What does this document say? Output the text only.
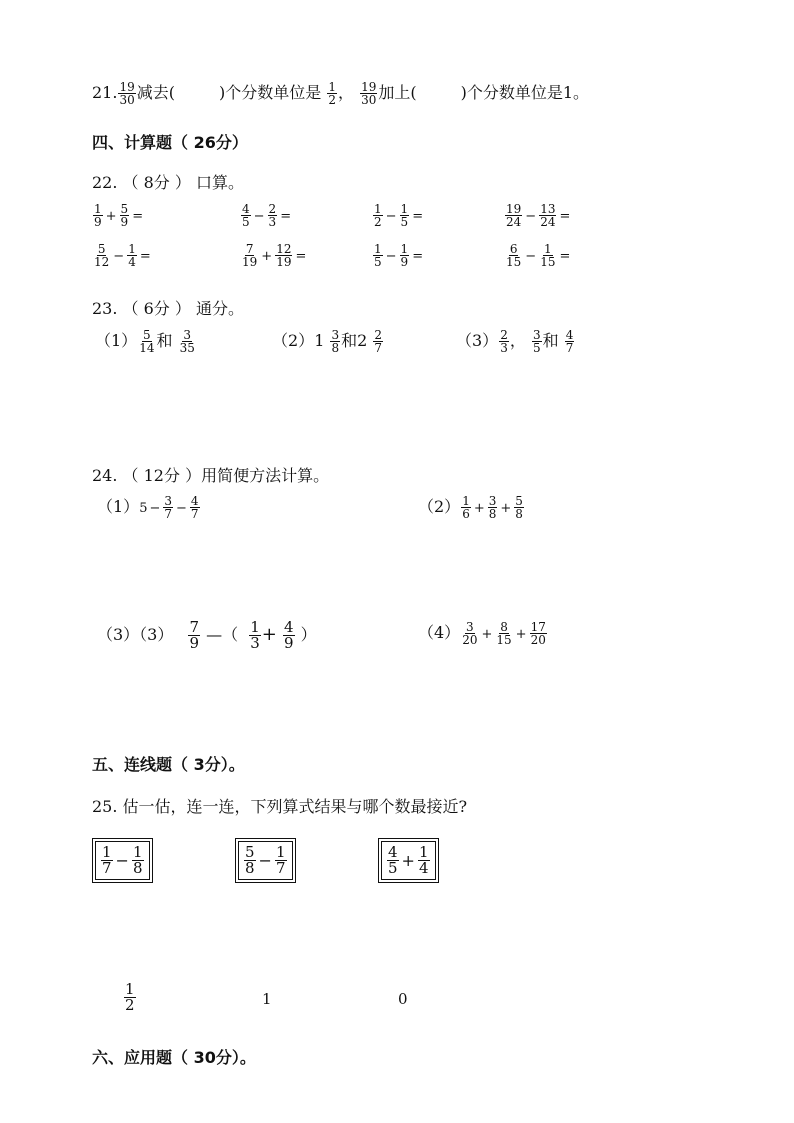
21. $\frac{19}{30}$ 减去(	)个分数单位是 $\frac{1}{2}$ ， $\frac{19}{30}$ 加上(	)个分数单位是1。
四、计算题（ 26分）
22. （ 8分 ） 口算。
$\frac{1}{9} + \frac{5}{9}$ =	$\frac{4}{5} - \frac{2}{3}$ =	$\frac{1}{2} - \frac{1}{5}$ =	$\frac{19}{24} - \frac{13}{24}$ =
$\frac{5}{12} - \frac{1}{4}$ =	$\frac{7}{19} + \frac{12}{19}$ =	$\frac{1}{5} - \frac{1}{9}$ =	$\frac{6}{15} - \frac{1}{15}$ =
23. （ 6分 ） 通分。
$(1) \frac{5}{14}$ 和 $\frac{3}{35}$	$(2)1 \frac{3}{8}$ 和$2 \frac{2}{7}$	$(3) \frac{2}{3}$ ， $\frac{3}{5}$ 和 $\frac{4}{7}$
24. （ 12分 ）用简便方法计算。
$(1)5 - \frac{3}{7} - \frac{4}{7}$	$(2) \frac{1}{6} + \frac{3}{8} + \frac{5}{8}$
$(3)(3) \frac{7}{9}$ —（ $\frac{1}{3} + \frac{4}{9}$ ）	$(4) \frac{3}{20} + \frac{8}{15} + \frac{17}{20}$
五、连线题（ 3分）。
25. 估一估，连一连，下列算式结果与哪个数最接近?
$\frac{1}{7} - \frac{1}{8}$	$\frac{5}{8} - \frac{1}{7}$	$\frac{4}{5} + \frac{1}{4}$
$\frac{1}{2}$	1	0
六、应用题（ 30分）。
